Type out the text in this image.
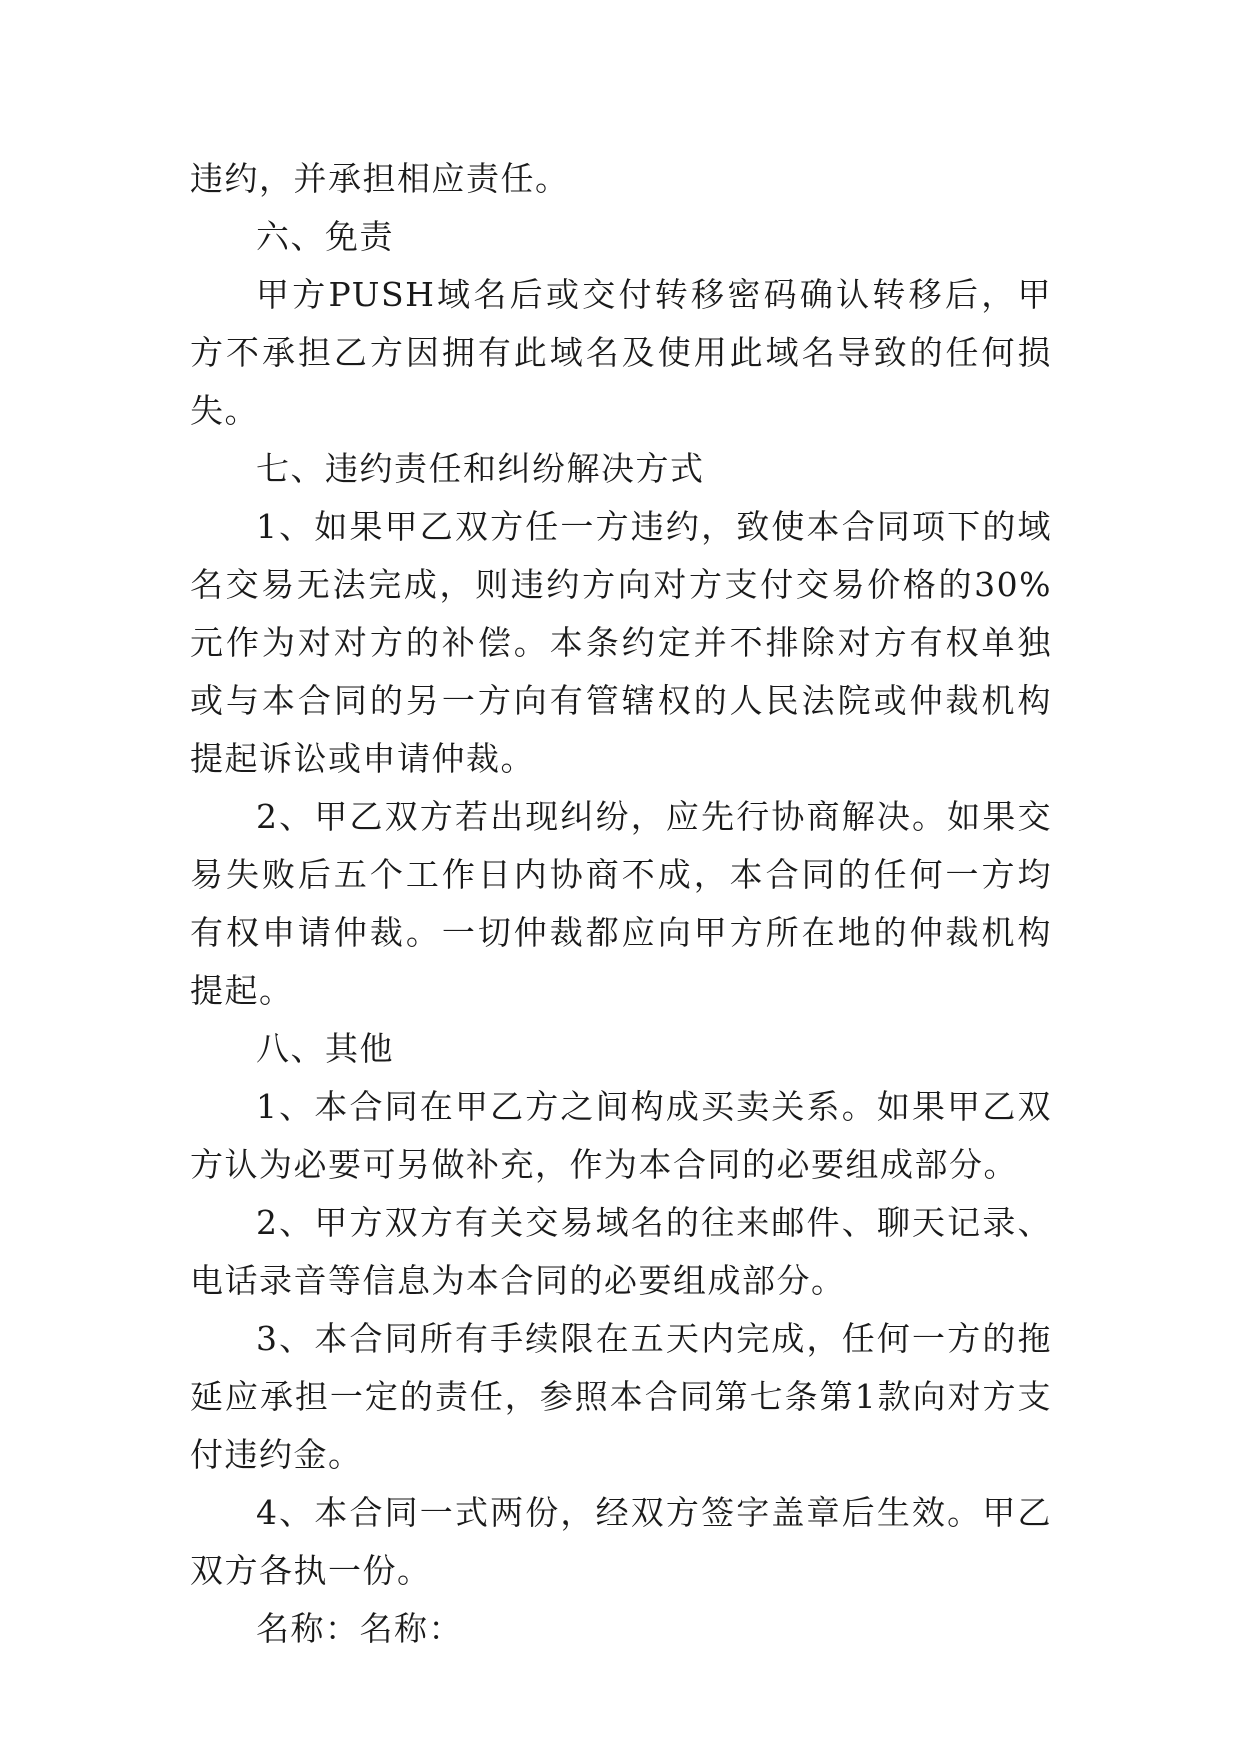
违约，并承担相应责任。

六、免责

甲方PUSH域名后或交付转移密码确认转移后，甲方不承担乙方因拥有此域名及使用此域名导致的任何损失。

七、违约责任和纠纷解决方式

1、如果甲乙双方任一方违约，致使本合同项下的域名交易无法完成，则违约方向对方支付交易价格的30%元作为对对方的补偿。本条约定并不排除对方有权单独或与本合同的另一方向有管辖权的人民法院或仲裁机构提起诉讼或申请仲裁。

2、甲乙双方若出现纠纷，应先行协商解决。如果交易失败后五个工作日内协商不成，本合同的任何一方均有权申请仲裁。一切仲裁都应向甲方所在地的仲裁机构提起。

八、其他

1、本合同在甲乙方之间构成买卖关系。如果甲乙双方认为必要可另做补充，作为本合同的必要组成部分。

2、甲方双方有关交易域名的往来邮件、聊天记录、电话录音等信息为本合同的必要组成部分。

3、本合同所有手续限在五天内完成，任何一方的拖延应承担一定的责任，参照本合同第七条第1款向对方支付违约金。

4、本合同一式两份，经双方签字盖章后生效。甲乙双方各执一份。

名称：名称：
